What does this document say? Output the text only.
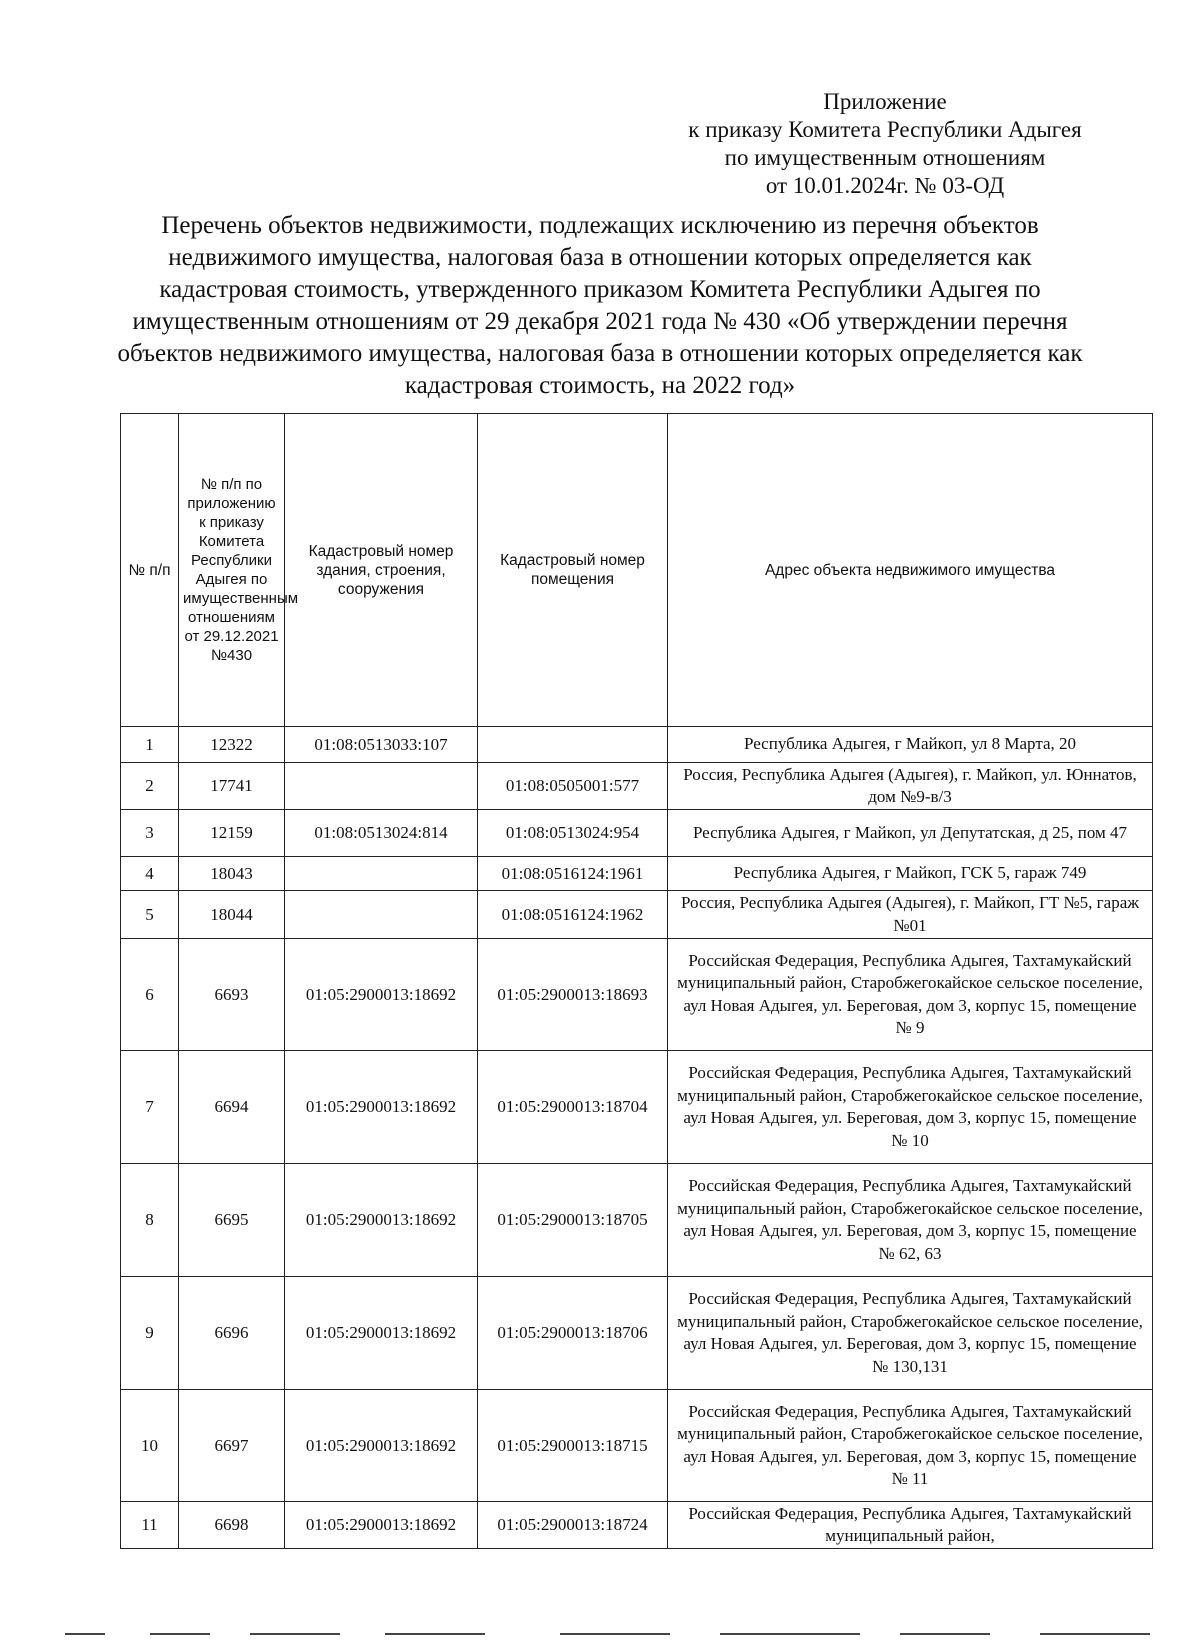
Приложение
к приказу Комитета Республики Адыгея
по имущественным отношениям
от 10.01.2024г. № 03-ОД
Перечень объектов недвижимости, подлежащих исключению из перечня объектов
недвижимого имущества, налоговая база в отношении которых определяется как
кадастровая стоимость, утвержденного приказом Комитета Республики Адыгея по
имущественным отношениям от 29 декабря 2021 года № 430 «Об утверждении перечня
объектов недвижимого имущества, налоговая база в отношении которых определяется как
кадастровая стоимость, на 2022 год»
№ п/п	№ п/п по приложению к приказу Комитета Республики Адыгея по имущественным отношениям от 29.12.2021 №430	Кадастровый номер здания, строения, сооружения	Кадастровый номер помещения	Адрес объекта недвижимого имущества
1	12322	01:08:0513033:107		Республика Адыгея, г Майкоп, ул 8 Марта, 20
2	17741		01:08:0505001:577	Россия, Республика Адыгея (Адыгея), г. Майкоп, ул. Юннатов, дом №9-в/3
3	12159	01:08:0513024:814	01:08:0513024:954	Республика Адыгея, г Майкоп, ул Депутатская, д 25, пом 47
4	18043		01:08:0516124:1961	Республика Адыгея, г Майкоп, ГСК 5, гараж 749
5	18044		01:08:0516124:1962	Россия, Республика Адыгея (Адыгея), г. Майкоп, ГТ №5, гараж №01
6	6693	01:05:2900013:18692	01:05:2900013:18693	Российская Федерация, Республика Адыгея, Тахтамукайский муниципальный район, Старобжегокайское сельское поселение, аул Новая Адыгея, ул. Береговая, дом 3, корпус 15, помещение № 9
7	6694	01:05:2900013:18692	01:05:2900013:18704	Российская Федерация, Республика Адыгея, Тахтамукайский муниципальный район, Старобжегокайское сельское поселение, аул Новая Адыгея, ул. Береговая, дом 3, корпус 15, помещение № 10
8	6695	01:05:2900013:18692	01:05:2900013:18705	Российская Федерация, Республика Адыгея, Тахтамукайский муниципальный район, Старобжегокайское сельское поселение, аул Новая Адыгея, ул. Береговая, дом 3, корпус 15, помещение № 62, 63
9	6696	01:05:2900013:18692	01:05:2900013:18706	Российская Федерация, Республика Адыгея, Тахтамукайский муниципальный район, Старобжегокайское сельское поселение, аул Новая Адыгея, ул. Береговая, дом 3, корпус 15, помещение № 130,131
10	6697	01:05:2900013:18692	01:05:2900013:18715	Российская Федерация, Республика Адыгея, Тахтамукайский муниципальный район, Старобжегокайское сельское поселение, аул Новая Адыгея, ул. Береговая, дом 3, корпус 15, помещение № 11
11	6698	01:05:2900013:18692	01:05:2900013:18724	Российская Федерация, Республика Адыгея, Тахтамукайский муниципальный район,
